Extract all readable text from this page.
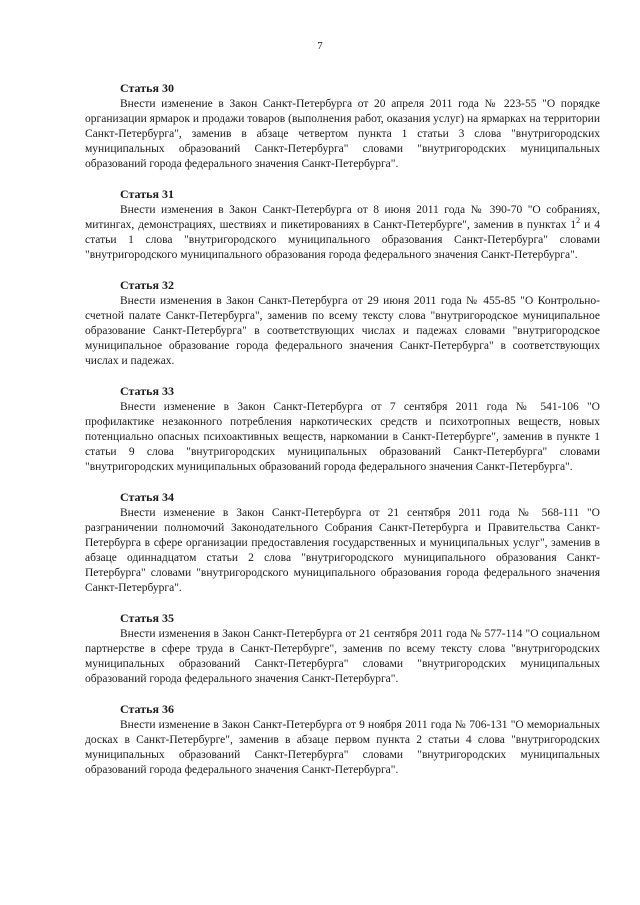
7
Статья 30

Внести изменение в Закон Санкт-Петербурга от 20 апреля 2011 года № 223-55 "О порядке организации ярмарок и продажи товаров (выполнения работ, оказания услуг) на ярмарках на территории Санкт-Петербурга", заменив в абзаце четвертом пункта 1 статьи 3 слова "внутригородских муниципальных образований Санкт-Петербурга" словами "внутригородских муниципальных образований города федерального значения Санкт-Петербурга".

Статья 31

Внести изменения в Закон Санкт-Петербурга от 8 июня 2011 года № 390-70 "О собраниях, митингах, демонстрациях, шествиях и пикетированиях в Санкт-Петербурге", заменив в пунктах $1^2$ и 4 статьи 1 слова "внутригородского муниципального образования Санкт-Петербурга" словами "внутригородского муниципального образования города федерального значения Санкт-Петербурга".

Статья 32

Внести изменения в Закон Санкт-Петербурга от 29 июня 2011 года № 455-85 "О Контрольно-счетной палате Санкт-Петербурга", заменив по всему тексту слова "внутригородское муниципальное образование Санкт-Петербурга" в соответствующих числах и падежах словами "внутригородское муниципальное образование города федерального значения Санкт-Петербурга" в соответствующих числах и падежах.

Статья 33

Внести изменение в Закон Санкт-Петербурга от 7 сентября 2011 года № 541-106 "О профилактике незаконного потребления наркотических средств и психотропных веществ, новых потенциально опасных психоактивных веществ, наркомании в Санкт-Петербурге", заменив в пункте 1 статьи 9 слова "внутригородских муниципальных образований Санкт-Петербурга" словами "внутригородских муниципальных образований города федерального значения Санкт-Петербурга".

Статья 34

Внести изменение в Закон Санкт-Петербурга от 21 сентября 2011 года № 568-111 "О разграничении полномочий Законодательного Собрания Санкт-Петербурга и Правительства Санкт-Петербурга в сфере организации предоставления государственных и муниципальных услуг", заменив в абзаце одиннадцатом статьи 2 слова "внутригородского муниципального образования Санкт-Петербурга" словами "внутригородского муниципального образования города федерального значения Санкт-Петербурга".

Статья 35

Внести изменения в Закон Санкт-Петербурга от 21 сентября 2011 года № 577-114 "О социальном партнерстве в сфере труда в Санкт-Петербурге", заменив по всему тексту слова "внутригородских муниципальных образований Санкт-Петербурга" словами "внутригородских муниципальных образований города федерального значения Санкт-Петербурга".

Статья 36

Внести изменение в Закон Санкт-Петербурга от 9 ноября 2011 года № 706-131 "О мемориальных досках в Санкт-Петербурге", заменив в абзаце первом пункта 2 статьи 4 слова "внутригородских муниципальных образований Санкт-Петербурга" словами "внутригородских муниципальных образований города федерального значения Санкт-Петербурга".
